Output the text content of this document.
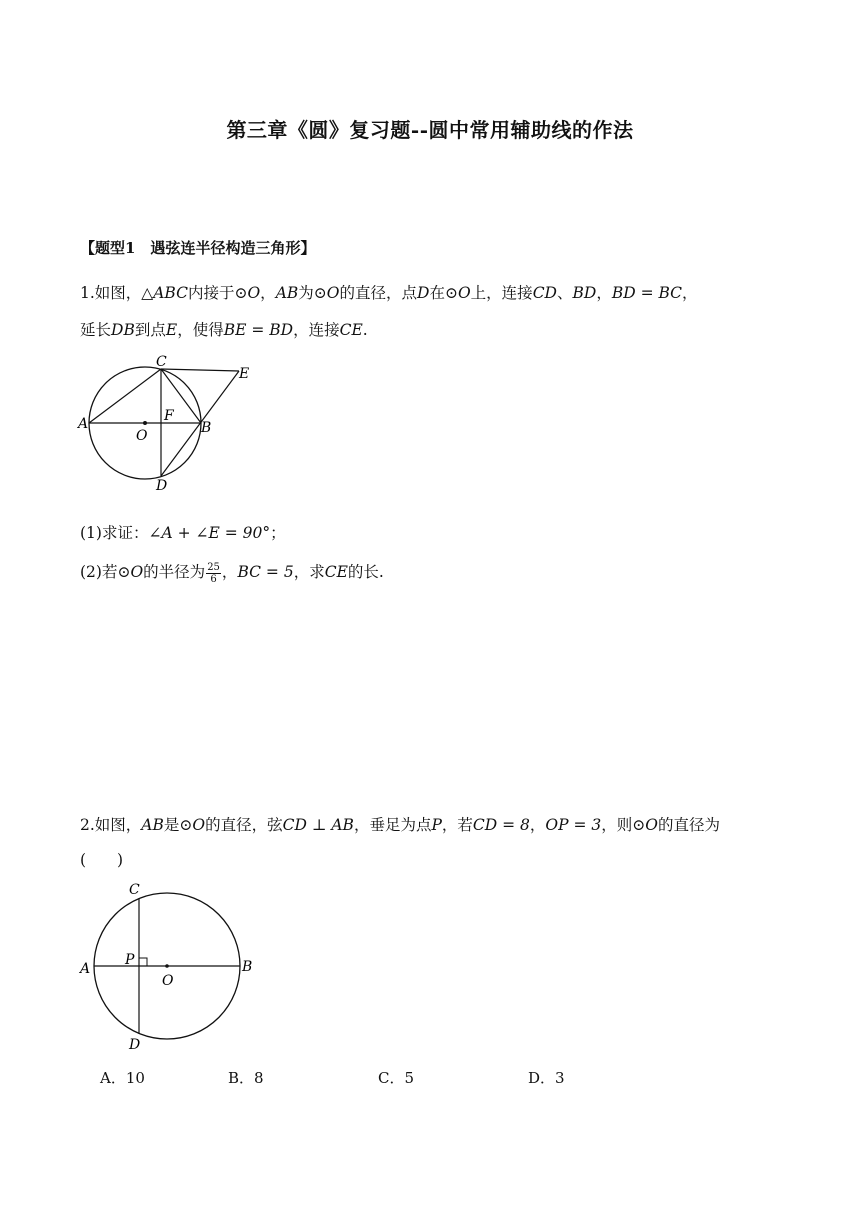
第三章《圆》复习题--圆中常用辅助线的作法
【题型1　遇弦连半径构造三角形】
1.如图，△ABC内接于⊙O，AB为⊙O的直径，点D在⊙O上，连接CD、BD，BD = BC，
延长DB到点E，使得BE = BD，连接CE.
C
E
A	F
O	B
D
(1)求证：∠A + ∠E = 90°；
(2)若⊙O的半径为 $\frac{25}{6}$ ，BC = 5，求CE的长.
2.如图，AB是⊙O的直径，弦CD ⊥ AB，垂足为点P，若CD = 8，OP = 3，则⊙O的直径为
(　　)
C
A
P
O
B
D
A．10	B．8	C．5	D．3
